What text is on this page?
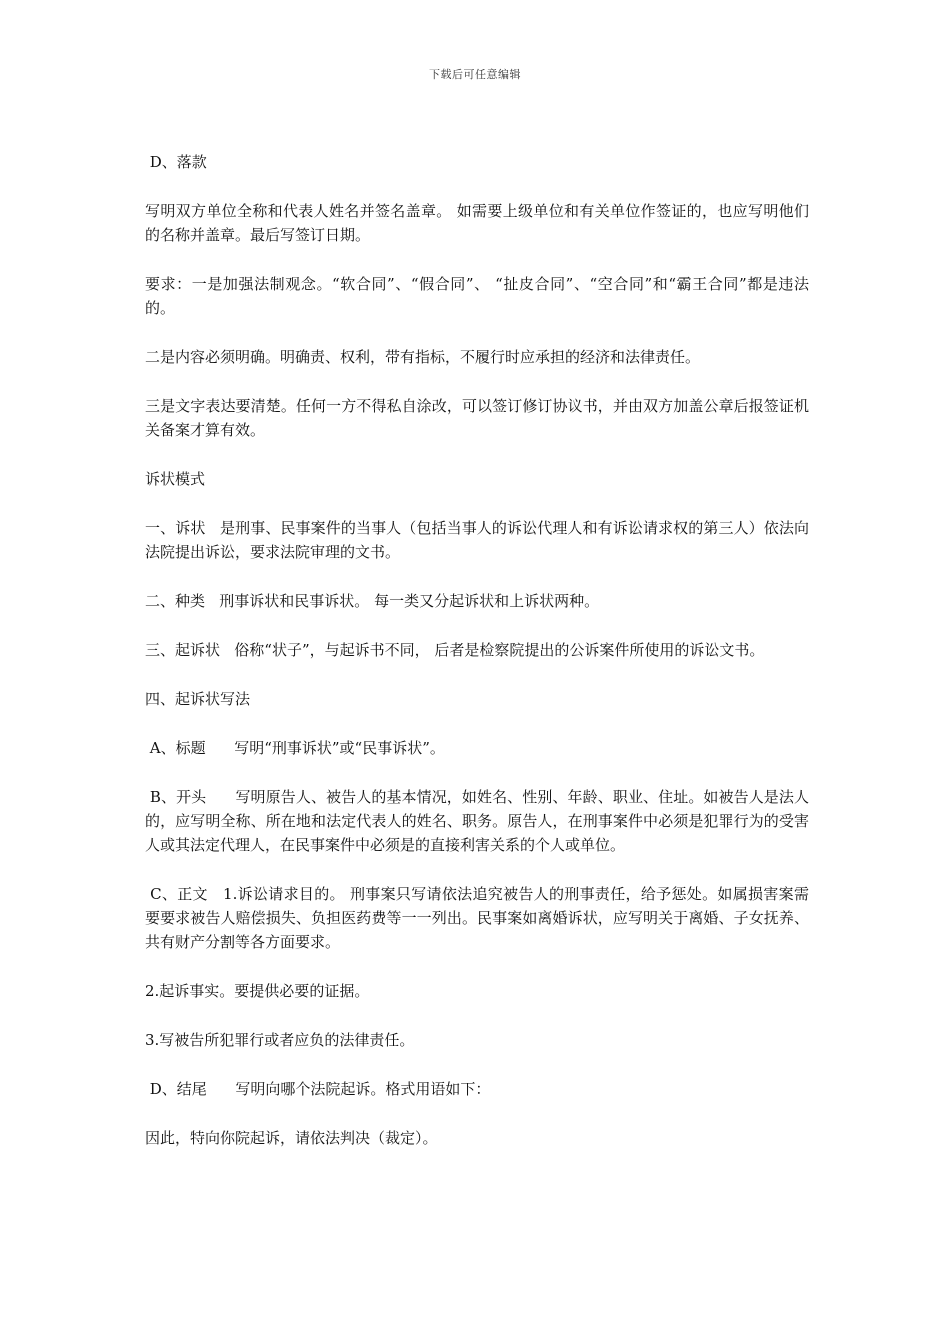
下载后可任意编辑

D、落款

写明双方单位全称和代表人姓名并签名盖章。 如需要上级单位和有关单位作签证的，也应写明他们的名称并盖章。最后写签订日期。

要求：一是加强法制观念。“软合同”、“假合同”、 “扯皮合同”、“空合同”和“霸王合同”都是违法的。

二是内容必须明确。明确责、权利，带有指标，不履行时应承担的经济和法律责任。

三是文字表达要清楚。任何一方不得私自涂改，可以签订修订协议书，并由双方加盖公章后报签证机关备案才算有效。

诉状模式

一、诉状   是刑事、民事案件的当事人（包括当事人的诉讼代理人和有诉讼请求权的第三人）依法向法院提出诉讼，要求法院审理的文书。

二、种类   刑事诉状和民事诉状。 每一类又分起诉状和上诉状两种。

三、起诉状   俗称“状子”，与起诉书不同， 后者是检察院提出的公诉案件所使用的诉讼文书。

四、起诉状写法

A、标题      写明“刑事诉状”或“民事诉状”。

B、开头      写明原告人、被告人的基本情况，如姓名、性别、年龄、职业、住址。如被告人是法人的，应写明全称、所在地和法定代表人的姓名、职务。原告人，在刑事案件中必须是犯罪行为的受害人或其法定代理人，在民事案件中必须是的直接利害关系的个人或单位。

C、正文   1.诉讼请求目的。 刑事案只写请依法追究被告人的刑事责任，给予惩处。如属损害案需要要求被告人赔偿损失、负担医药费等一一列出。民事案如离婚诉状，应写明关于离婚、子女抚养、共有财产分割等各方面要求。

2.起诉事实。要提供必要的证据。

3.写被告所犯罪行或者应负的法律责任。

D、结尾      写明向哪个法院起诉。格式用语如下：

因此，特向你院起诉，请依法判决（裁定）。
